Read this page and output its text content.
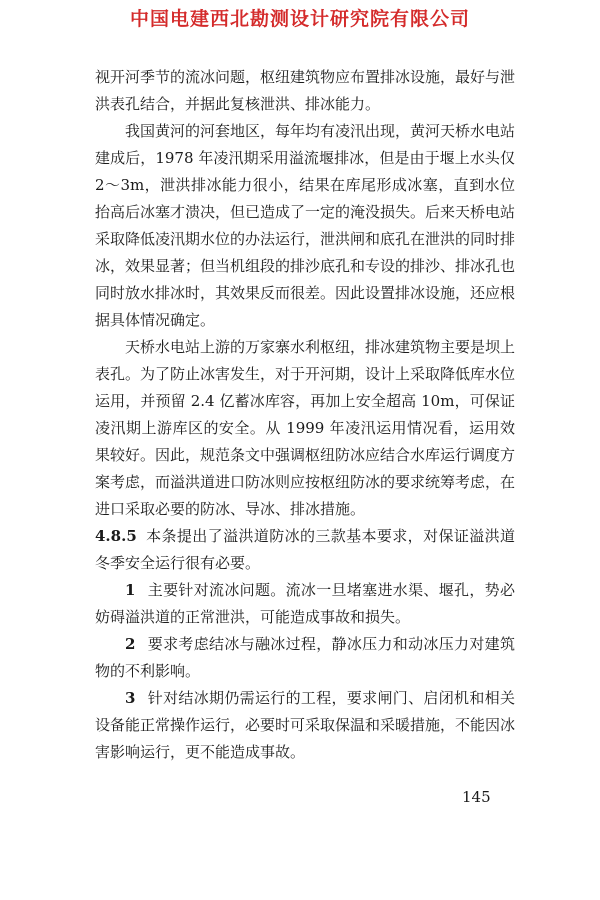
中国电建西北勘测设计研究院有限公司

视开河季节的流冰问题，枢纽建筑物应布置排冰设施，最好与泄洪表孔结合，并据此复核泄洪、排冰能力。

我国黄河的河套地区，每年均有凌汛出现，黄河天桥水电站建成后，1978 年凌汛期采用溢流堰排冰，但是由于堰上水头仅 2～3m，泄洪排冰能力很小，结果在库尾形成冰塞，直到水位抬高后冰塞才溃决，但已造成了一定的淹没损失。后来天桥电站采取降低凌汛期水位的办法运行，泄洪闸和底孔在泄洪的同时排冰，效果显著；但当机组段的排沙底孔和专设的排沙、排冰孔也同时放水排冰时，其效果反而很差。因此设置排冰设施，还应根据具体情况确定。

天桥水电站上游的万家寨水利枢纽，排冰建筑物主要是坝上表孔。为了防止冰害发生，对于开河期，设计上采取降低库水位运用，并预留 2.4 亿蓄冰库容，再加上安全超高 10m，可保证凌汛期上游库区的安全。从 1999 年凌汛运用情况看，运用效果较好。因此，规范条文中强调枢纽防冰应结合水库运行调度方案考虑，而溢洪道进口防冰则应按枢纽防冰的要求统筹考虑，在进口采取必要的防冰、导冰、排冰措施。

4.8.5 本条提出了溢洪道防冰的三款基本要求，对保证溢洪道冬季安全运行很有必要。

1 主要针对流冰问题。流冰一旦堵塞进水渠、堰孔，势必妨碍溢洪道的正常泄洪，可能造成事故和损失。

2 要求考虑结冰与融冰过程，静冰压力和动冰压力对建筑物的不利影响。

3 针对结冰期仍需运行的工程，要求闸门、启闭机和相关设备能正常操作运行，必要时可采取保温和采暖措施，不能因冰害影响运行，更不能造成事故。

145
